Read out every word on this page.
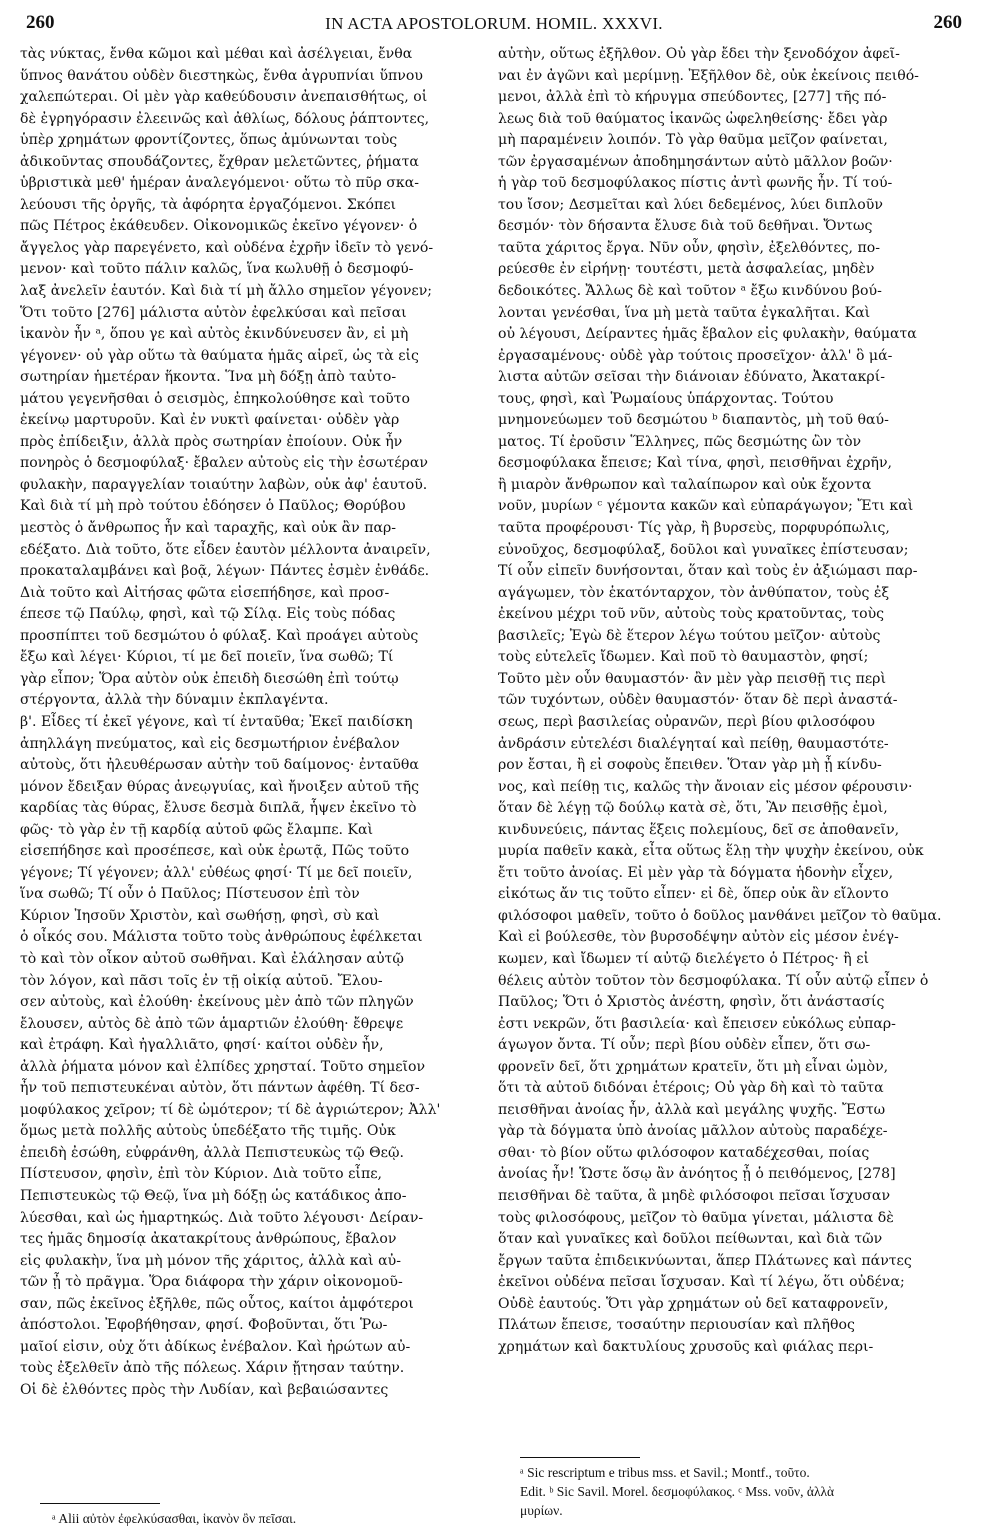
260	IN ACTA APOSTOLORUM. HOMIL. XXXVI.	260
τὰς νύκτας, ἔνθα κῶμοι καὶ μέθαι καὶ ἀσέλγειαι, ἔνθα
ὕπνος θανάτου οὐδὲν διεστηκὼς, ἔνθα ἀγρυπνίαι ὕπνου
χαλεπώτεραι. Οἱ μὲν γὰρ καθεύδουσιν ἀνεπαισθήτως, οἱ
δὲ ἐγρηγόρασιν ἐλεεινῶς καὶ ἀθλίως, δόλους ῥάπτοντες,
ὑπὲρ χρημάτων φροντίζοντες, ὅπως ἀμύνωνται τοὺς
ἀδικοῦντας σπουδάζοντες, ἔχθραν μελετῶντες, ῥήματα
ὑβριστικὰ μεθ' ἡμέραν ἀναλεγόμενοι· οὕτω τὸ πῦρ σκα-
λεύουσι τῆς ὀργῆς, τὰ ἀφόρητα ἐργαζόμενοι. Σκόπει
πῶς Πέτρος ἐκάθευδεν. Οἰκονομικῶς ἐκεῖνο γέγονεν· ὁ
ἄγγελος γὰρ παρεγένετο, καὶ οὐδένα ἐχρῆν ἰδεῖν τὸ γενό-
μενον· καὶ τοῦτο πάλιν καλῶς, ἵνα κωλυθῇ ὁ δεσμοφύ-
λαξ ἀνελεῖν ἑαυτόν. Καὶ διὰ τί μὴ ἄλλο σημεῖον γέγονεν;
Ὅτι τοῦτο [276] μάλιστα αὐτὸν ἐφελκύσαι καὶ πεῖσαι
ἱκανὸν ἦν ᵃ, ὅπου γε καὶ αὐτὸς ἐκινδύνευσεν ἂν, εἰ μὴ
γέγονεν· οὐ γὰρ οὕτω τὰ θαύματα ἡμᾶς αἱρεῖ, ὡς τὰ εἰς
σωτηρίαν ἡμετέραν ἥκοντα. Ἵνα μὴ δόξῃ ἀπὸ ταὐτο-
μάτου γεγενῆσθαι ὁ σεισμὸς, ἐπηκολούθησε καὶ τοῦτο
ἐκείνῳ μαρτυροῦν. Καὶ ἐν νυκτὶ φαίνεται· οὐδὲν γὰρ
πρὸς ἐπίδειξιν, ἀλλὰ πρὸς σωτηρίαν ἐποίουν. Οὐκ ἦν
πονηρὸς ὁ δεσμοφύλαξ· ἔβαλεν αὐτοὺς εἰς τὴν ἐσωτέραν
φυλακὴν, παραγγελίαν τοιαύτην λαβὼν, οὐκ ἀφ' ἑαυτοῦ.
Καὶ διὰ τί μὴ πρὸ τούτου ἐδόησεν ὁ Παῦλος; Θορύβου
μεστὸς ὁ ἄνθρωπος ἦν καὶ ταραχῆς, καὶ οὐκ ἂν παρ-
εδέξατο. Διὰ τοῦτο, ὅτε εἶδεν ἑαυτὸν μέλλοντα ἀναιρεῖν,
προκαταλαμβάνει καὶ βοᾷ, λέγων· Πάντες ἐσμὲν ἐνθάδε.
Διὰ τοῦτο καὶ Αἰτήσας φῶτα εἰσεπήδησε, καὶ προσ-
έπεσε τῷ Παύλῳ, φησὶ, καὶ τῷ Σίλᾳ. Εἰς τοὺς πόδας
προσπίπτει τοῦ δεσμώτου ὁ φύλαξ. Καὶ προάγει αὐτοὺς
ἔξω καὶ λέγει· Κύριοι, τί με δεῖ ποιεῖν, ἵνα σωθῶ; Τί
γὰρ εἶπον; Ὅρα αὐτὸν οὐκ ἐπειδὴ διεσώθη ἐπὶ τούτῳ
στέργοντα, ἀλλὰ τὴν δύναμιν ἐκπλαγέντα.
β'. Εἶδες τί ἐκεῖ γέγονε, καὶ τί ἐνταῦθα; Ἐκεῖ παιδίσκη
ἀπηλλάγη πνεύματος, καὶ εἰς δεσμωτήριον ἐνέβαλον
αὐτοὺς, ὅτι ἠλευθέρωσαν αὐτὴν τοῦ δαίμονος· ἐνταῦθα
μόνον ἔδειξαν θύρας ἀνεῳγυίας, καὶ ἤνοιξεν αὐτοῦ τῆς
καρδίας τὰς θύρας, ἔλυσε δεσμὰ διπλᾶ, ἧψεν ἐκεῖνο τὸ
φῶς· τὸ γὰρ ἐν τῇ καρδίᾳ αὐτοῦ φῶς ἔλαμπε. Καὶ
εἰσεπήδησε καὶ προσέπεσε, καὶ οὐκ ἐρωτᾷ, Πῶς τοῦτο
γέγονε; Τί γέγονεν; ἀλλ' εὐθέως φησί· Τί με δεῖ ποιεῖν,
ἵνα σωθῶ; Τί οὖν ὁ Παῦλος; Πίστευσον ἐπὶ τὸν
Κύριον Ἰησοῦν Χριστὸν, καὶ σωθήσῃ, φησὶ, σὺ καὶ
ὁ οἶκός σου. Μάλιστα τοῦτο τοὺς ἀνθρώπους ἐφέλκεται
τὸ καὶ τὸν οἶκον αὐτοῦ σωθῆναι. Καὶ ἐλάλησαν αὐτῷ
τὸν λόγον, καὶ πᾶσι τοῖς ἐν τῇ οἰκίᾳ αὐτοῦ. Ἔλου-
σεν αὐτοὺς, καὶ ἐλούθη· ἐκείνους μὲν ἀπὸ τῶν πληγῶν
ἔλουσεν, αὐτὸς δὲ ἀπὸ τῶν ἁμαρτιῶν ἐλούθη· ἔθρεψε
καὶ ἐτράφη. Καὶ ἠγαλλιᾶτο, φησί· καίτοι οὐδὲν ἦν,
ἀλλὰ ῥήματα μόνον καὶ ἐλπίδες χρησταί. Τοῦτο σημεῖον
ἦν τοῦ πεπιστευκέναι αὐτὸν, ὅτι πάντων ἀφέθη. Τί δεσ-
μοφύλακος χεῖρον; τί δὲ ὠμότερον; τί δὲ ἀγριώτερον; Ἀλλ'
ὅμως μετὰ πολλῆς αὐτοὺς ὑπεδέξατο τῆς τιμῆς. Οὐκ
ἐπειδὴ ἐσώθη, εὐφράνθη, ἀλλὰ Πεπιστευκὼς τῷ Θεῷ.
Πίστευσον, φησὶν, ἐπὶ τὸν Κύριον. Διὰ τοῦτο εἶπε,
Πεπιστευκὼς τῷ Θεῷ, ἵνα μὴ δόξῃ ὡς κατάδικος ἀπο-
λύεσθαι, καὶ ὡς ἡμαρτηκώς. Διὰ τοῦτο λέγουσι· Δείραν-
τες ἡμᾶς δημοσίᾳ ἀκατακρίτους ἀνθρώπους, ἔβαλον
εἰς φυλακὴν, ἵνα μὴ μόνον τῆς χάριτος, ἀλλὰ καὶ αὐ-
τῶν ᾖ τὸ πρᾶγμα. Ὅρα διάφορα τὴν χάριν οἰκονομοῦ-
σαν, πῶς ἐκεῖνος ἐξῆλθε, πῶς οὗτος, καίτοι ἀμφότεροι
ἀπόστολοι. Ἐφοβήθησαν, φησί. Φοβοῦνται, ὅτι Ῥω-
μαῖοί εἰσιν, οὐχ ὅτι ἀδίκως ἐνέβαλον. Καὶ ἠρώτων αὐ-
τοὺς ἐξελθεῖν ἀπὸ τῆς πόλεως. Χάριν ᾔτησαν ταύτην.
Οἱ δὲ ἐλθόντες πρὸς τὴν Λυδίαν, καὶ βεβαιώσαντες
αὐτὴν, οὕτως ἐξῆλθον. Οὐ γὰρ ἔδει τὴν ξενοδόχον ἀφεῖ-
ναι ἐν ἀγῶνι καὶ μερίμνῃ. Ἐξῆλθον δὲ, οὐκ ἐκείνοις πειθό-
μενοι, ἀλλὰ ἐπὶ τὸ κήρυγμα σπεύδοντες, [277] τῆς πό-
λεως διὰ τοῦ θαύματος ἱκανῶς ὠφεληθείσης· ἔδει γὰρ
μὴ παραμένειν λοιπόν. Τὸ γὰρ θαῦμα μεῖζον φαίνεται,
τῶν ἐργασαμένων ἀποδημησάντων αὐτὸ μᾶλλον βοῶν·
ἡ γὰρ τοῦ δεσμοφύλακος πίστις ἀντὶ φωνῆς ἦν. Τί τού-
του ἴσον; Δεσμεῖται καὶ λύει δεδεμένος, λύει διπλοῦν
δεσμόν· τὸν δήσαντα ἔλυσε διὰ τοῦ δεθῆναι. Ὄντως
ταῦτα χάριτος ἔργα. Νῦν οὖν, φησὶν, ἐξελθόντες, πο-
ρεύεσθε ἐν εἰρήνῃ· τουτέστι, μετὰ ἀσφαλείας, μηδὲν
δεδοικότες. Ἄλλως δὲ καὶ τοῦτον ᵃ ἔξω κινδύνου βού-
λονται γενέσθαι, ἵνα μὴ μετὰ ταῦτα ἐγκαλῆται. Καὶ
οὐ λέγουσι, Δείραντες ἡμᾶς ἔβαλον εἰς φυλακὴν, θαύματα
ἐργασαμένους· οὐδὲ γὰρ τούτοις προσεῖχον· ἀλλ' ὃ μά-
λιστα αὐτῶν σεῖσαι τὴν διάνοιαν ἐδύνατο, Ἀκατακρί-
τους, φησὶ, καὶ Ῥωμαίους ὑπάρχοντας. Τούτου
μνημονεύωμεν τοῦ δεσμώτου ᵇ διαπαντὸς, μὴ τοῦ θαύ-
ματος. Τί ἐροῦσιν Ἕλληνες, πῶς δεσμώτης ὢν τὸν
δεσμοφύλακα ἔπεισε; Καὶ τίνα, φησὶ, πεισθῆναι ἐχρῆν,
ἢ μιαρὸν ἄνθρωπον καὶ ταλαίπωρον καὶ οὐκ ἔχοντα
νοῦν, μυρίων ᶜ γέμοντα κακῶν καὶ εὐπαράγωγον; Ἔτι καὶ
ταῦτα προφέρουσι· Τίς γὰρ, ἢ βυρσεὺς, πορφυρόπωλις,
εὐνοῦχος, δεσμοφύλαξ, δοῦλοι καὶ γυναῖκες ἐπίστευσαν;
Τί οὖν εἰπεῖν δυνήσονται, ὅταν καὶ τοὺς ἐν ἀξιώμασι παρ-
αγάγωμεν, τὸν ἑκατόνταρχον, τὸν ἀνθύπατον, τοὺς ἐξ
ἐκείνου μέχρι τοῦ νῦν, αὐτοὺς τοὺς κρατοῦντας, τοὺς
βασιλεῖς; Ἐγὼ δὲ ἕτερον λέγω τούτου μεῖζον· αὐτοὺς
τοὺς εὐτελεῖς ἴδωμεν. Καὶ ποῦ τὸ θαυμαστὸν, φησί;
Τοῦτο μὲν οὖν θαυμαστόν· ἂν μὲν γὰρ πεισθῇ τις περὶ
τῶν τυχόντων, οὐδὲν θαυμαστόν· ὅταν δὲ περὶ ἀναστά-
σεως, περὶ βασιλείας οὐρανῶν, περὶ βίου φιλοσόφου
ἀνδράσιν εὐτελέσι διαλέγηταί καὶ πείθῃ, θαυμαστότε-
ρον ἔσται, ἢ εἰ σοφοὺς ἔπειθεν. Ὅταν γὰρ μὴ ᾖ κίνδυ-
νος, καὶ πείθῃ τις, καλῶς τὴν ἄνοιαν εἰς μέσον φέρουσιν·
ὅταν δὲ λέγῃ τῷ δούλῳ κατὰ σὲ, ὅτι, Ἂν πεισθῇς ἐμοὶ,
κινδυνεύεις, πάντας ἕξεις πολεμίους, δεῖ σε ἀποθανεῖν,
μυρία παθεῖν κακὰ, εἶτα οὕτως ἕλῃ τὴν ψυχὴν ἐκείνου, οὐκ
ἔτι τοῦτο ἀνοίας. Εἰ μὲν γὰρ τὰ δόγματα ἡδονὴν εἶχεν,
εἰκότως ἄν τις τοῦτο εἶπεν· εἰ δὲ, ὅπερ οὐκ ἂν εἴλοντο
φιλόσοφοι μαθεῖν, τοῦτο ὁ δοῦλος μανθάνει μεῖζον τὸ θαῦμα.
Καὶ εἰ βούλεσθε, τὸν βυρσοδέψην αὐτὸν εἰς μέσον ἐνέγ-
κωμεν, καὶ ἴδωμεν τί αὐτῷ διελέγετο ὁ Πέτρος· ἢ εἰ
θέλεις αὐτὸν τοῦτον τὸν δεσμοφύλακα. Τί οὖν αὐτῷ εἶπεν ὁ
Παῦλος; Ὅτι ὁ Χριστὸς ἀνέστη, φησὶν, ὅτι ἀνάστασίς
ἐστι νεκρῶν, ὅτι βασιλεία· καὶ ἔπεισεν εὐκόλως εὐπαρ-
άγωγον ὄντα. Τί οὖν; περὶ βίου οὐδὲν εἶπεν, ὅτι σω-
φρονεῖν δεῖ, ὅτι χρημάτων κρατεῖν, ὅτι μὴ εἶναι ὠμὸν,
ὅτι τὰ αὐτοῦ διδόναι ἑτέροις; Οὐ γὰρ δὴ καὶ τὸ ταῦτα
πεισθῆναι ἀνοίας ἦν, ἀλλὰ καὶ μεγάλης ψυχῆς. Ἔστω
γὰρ τὰ δόγματα ὑπὸ ἀνοίας μᾶλλον αὐτοὺς παραδέχε-
σθαι· τὸ βίον οὕτω φιλόσοφον καταδέχεσθαι, ποίας
ἀνοίας ἦν! Ὥστε ὅσῳ ἂν ἀνόητος ᾖ ὁ πειθόμενος, [278]
πεισθῆναι δὲ ταῦτα, ἃ μηδὲ φιλόσοφοι πεῖσαι ἴσχυσαν
τοὺς φιλοσόφους, μεῖζον τὸ θαῦμα γίνεται, μάλιστα δὲ
ὅταν καὶ γυναῖκες καὶ δοῦλοι πείθωνται, καὶ διὰ τῶν
ἔργων ταῦτα ἐπιδεικνύωνται, ἅπερ Πλάτωνες καὶ πάντες
ἐκεῖνοι οὐδένα πεῖσαι ἴσχυσαν. Καὶ τί λέγω, ὅτι οὐδένα;
Οὐδὲ ἑαυτούς. Ὅτι γὰρ χρημάτων οὐ δεῖ καταφρονεῖν,
Πλάτων ἔπεισε, τοσαύτην περιουσίαν καὶ πλῆθος
χρημάτων καὶ δακτυλίους χρυσοῦς καὶ φιάλας περι-
ᵃ Sic rescriptum e tribus mss. et Savil.; Montf., τοῦτο.
Edit. ᵇ Sic Savil. Morel. δεσμοφύλακος. ᶜ Mss. νοῦν, ἀλλὰ
μυρίων.
ᵃ Alii αὐτὸν ἐφελκύσασθαι, ἱκανὸν ὂν πεῖσαι.
